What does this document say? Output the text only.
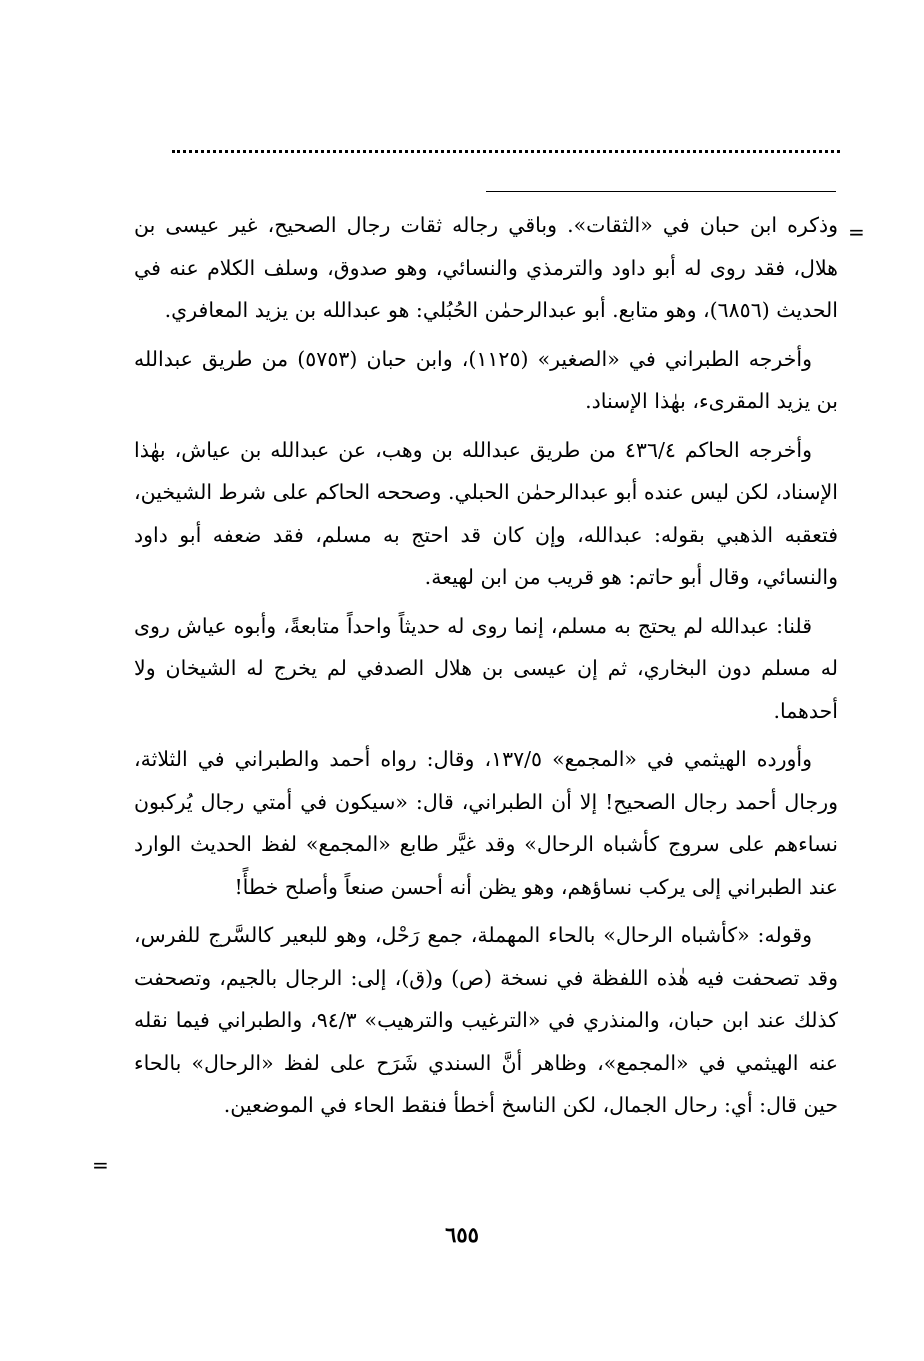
=

وذكره ابن حبان في «الثقات». وباقي رجاله ثقات رجال الصحيح، غير عيسى بن هلال، فقد روى له أبو داود والترمذي والنسائي، وهو صدوق، وسلف الكلام عنه في الحديث (٦٨٥٦)، وهو متابع. أبو عبدالرحمٰن الحُبُلي: هو عبدالله بن يزيد المعافري.

وأخرجه الطبراني في «الصغير» (١١٢٥)، وابن حبان (٥٧٥٣) من طريق عبدالله بن يزيد المقرىء، بهٰذا الإسناد.

وأخرجه الحاكم ٤٣٦/٤ من طريق عبدالله بن وهب، عن عبدالله بن عياش، بهٰذا الإسناد، لكن ليس عنده أبو عبدالرحمٰن الحبلي. وصححه الحاكم على شرط الشيخين، فتعقبه الذهبي بقوله: عبدالله، وإن كان قد احتج به مسلم، فقد ضعفه أبو داود والنسائي، وقال أبو حاتم: هو قريب من ابن لهيعة.

قلنا: عبدالله لم يحتج به مسلم، إنما روى له حديثاً واحداً متابعةً، وأبوه عياش روى له مسلم دون البخاري، ثم إن عيسى بن هلال الصدفي لم يخرج له الشيخان ولا أحدهما.

وأورده الهيثمي في «المجمع» ١٣٧/٥، وقال: رواه أحمد والطبراني في الثلاثة، ورجال أحمد رجال الصحيح! إلا أن الطبراني، قال: «سيكون في أمتي رجال يُركبون نساءهم على سروج كأشباه الرحال» وقد غيَّر طابع «المجمع» لفظ الحديث الوارد عند الطبراني إلى يركب نساؤهم، وهو يظن أنه أحسن صنعاً وأصلح خطأً!

وقوله: «كأشباه الرحال» بالحاء المهملة، جمع رَحْل، وهو للبعير كالسَّرج للفرس، وقد تصحفت فيه هٰذه اللفظة في نسخة (ص) و(ق)، إلى: الرجال بالجيم، وتصحفت كذلك عند ابن حبان، والمنذري في «الترغيب والترهيب» ٩٤/٣، والطبراني فيما نقله عنه الهيثمي في «المجمع»، وظاهر أنَّ السندي شَرَح على لفظ «الرحال» بالحاء حين قال: أي: رحال الجمال، لكن الناسخ أخطأ فنقط الحاء في الموضعين.

=
٦٥٥
